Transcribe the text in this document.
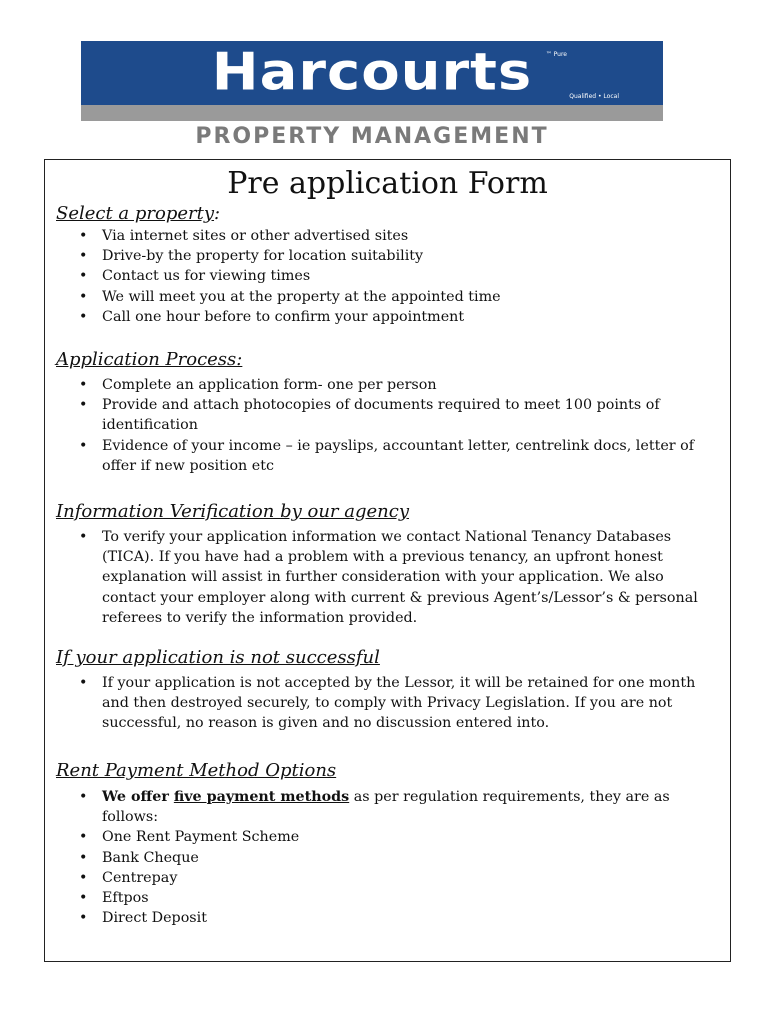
Harcourts ™ Pure
Qualified • Local
PROPERTY MANAGEMENT
Pre application Form
Select a property:
• Via internet sites or other advertised sites
• Drive-by the property for location suitability
• Contact us for viewing times
• We will meet you at the property at the appointed time
• Call one hour before to confirm your appointment
Application Process:
• Complete an application form- one per person
• Provide and attach photocopies of documents required to meet 100 points of identification
• Evidence of your income – ie payslips, accountant letter, centrelink docs, letter of offer if new position etc
Information Verification by our agency
• To verify your application information we contact National Tenancy Databases (TICA). If you have had a problem with a previous tenancy, an upfront honest explanation will assist in further consideration with your application. We also contact your employer along with current & previous Agent’s/Lessor’s & personal referees to verify the information provided.
If your application is not successful
• If your application is not accepted by the Lessor, it will be retained for one month and then destroyed securely, to comply with Privacy Legislation. If you are not successful, no reason is given and no discussion entered into.
Rent Payment Method Options
• We offer five payment methods as per regulation requirements, they are as follows:
• One Rent Payment Scheme
• Bank Cheque
• Centrepay
• Eftpos
• Direct Deposit
